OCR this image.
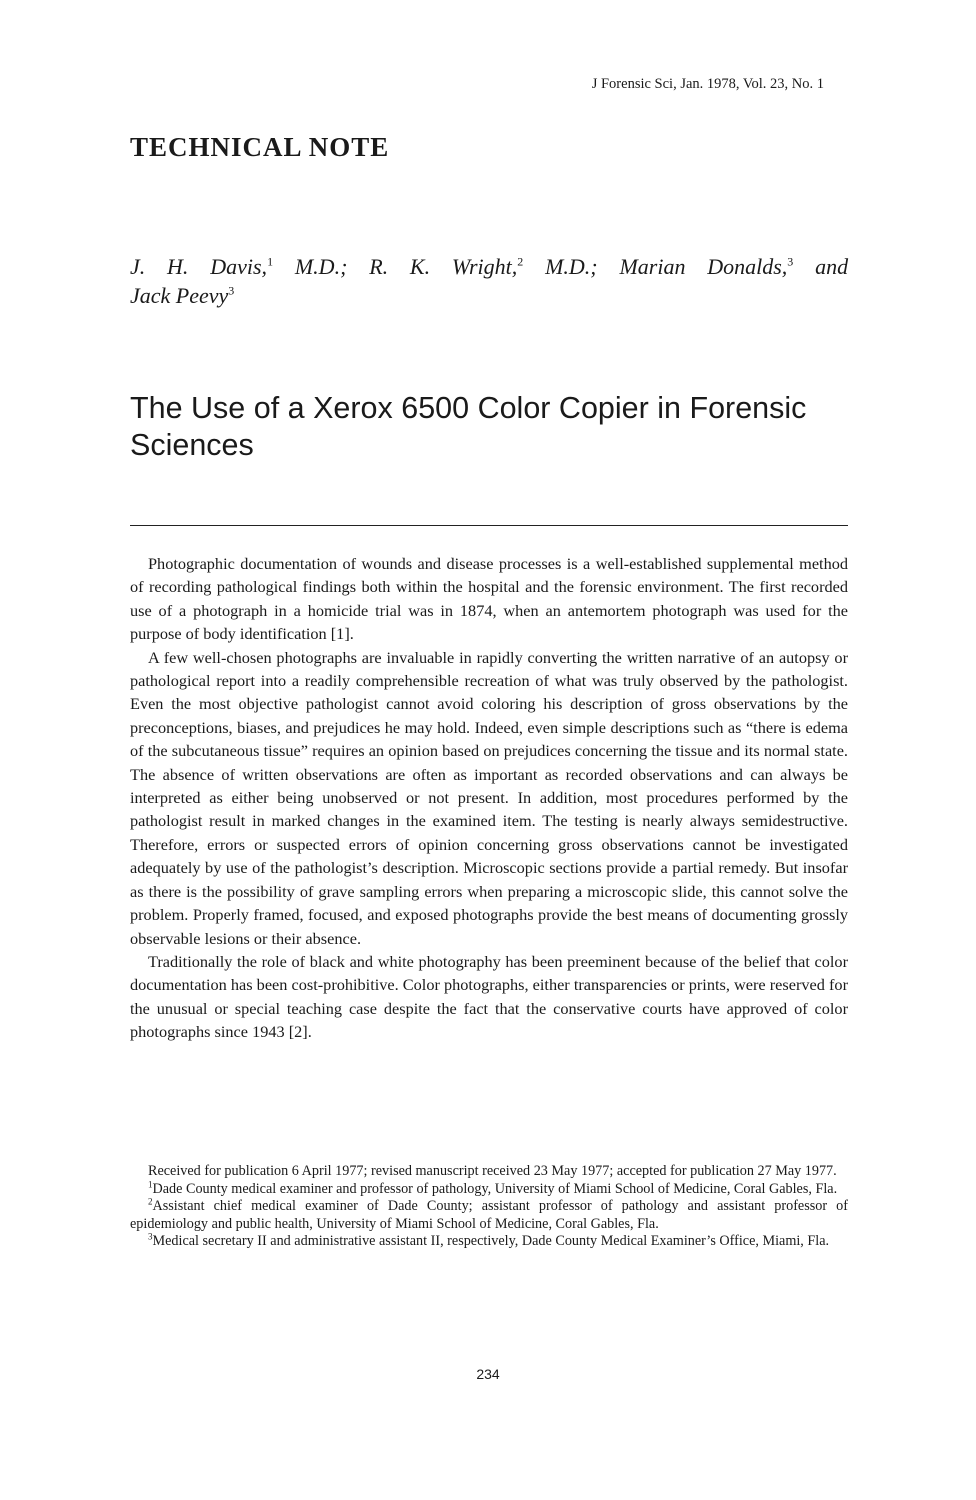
J Forensic Sci, Jan. 1978, Vol. 23, No. 1
TECHNICAL NOTE
J. H. Davis,$^1$ M.D.; R. K. Wright,$^2$ M.D.; Marian Donalds,$^3$ and
Jack Peevy$^3$
The Use of a Xerox 6500 Color Copier in Forensic Sciences

Photographic documentation of wounds and disease processes is a well-established supplemental method of recording pathological findings both within the hospital and the forensic environment. The first recorded use of a photograph in a homicide trial was in 1874, when an antemortem photograph was used for the purpose of body identification [1].

A few well-chosen photographs are invaluable in rapidly converting the written narrative of an autopsy or pathological report into a readily comprehensible recreation of what was truly observed by the pathologist. Even the most objective pathologist cannot avoid coloring his description of gross observations by the preconceptions, biases, and prejudices he may hold. Indeed, even simple descriptions such as “there is edema of the subcutaneous tissue” requires an opinion based on prejudices concerning the tissue and its normal state. The absence of written observations are often as important as recorded observations and can always be interpreted as either being unobserved or not present. In addition, most procedures performed by the pathologist result in marked changes in the examined item. The testing is nearly always semidestructive. Therefore, errors or suspected errors of opinion concerning gross observations cannot be investigated adequately by use of the pathologist’s description. Microscopic sections provide a partial remedy. But insofar as there is the possibility of grave sampling errors when preparing a microscopic slide, this cannot solve the problem. Properly framed, focused, and exposed photographs provide the best means of documenting grossly observable lesions or their absence.

Traditionally the role of black and white photography has been preeminent because of the belief that color documentation has been cost-prohibitive. Color photographs, either transparencies or prints, were reserved for the unusual or special teaching case despite the fact that the conservative courts have approved of color photographs since 1943 [2].

Received for publication 6 April 1977; revised manuscript received 23 May 1977; accepted for publication 27 May 1977.

$^1$Dade County medical examiner and professor of pathology, University of Miami School of Medicine, Coral Gables, Fla.

$^2$Assistant chief medical examiner of Dade County; assistant professor of pathology and assistant professor of epidemiology and public health, University of Miami School of Medicine, Coral Gables, Fla.

$^3$Medical secretary II and administrative assistant II, respectively, Dade County Medical Examiner’s Office, Miami, Fla.

234
